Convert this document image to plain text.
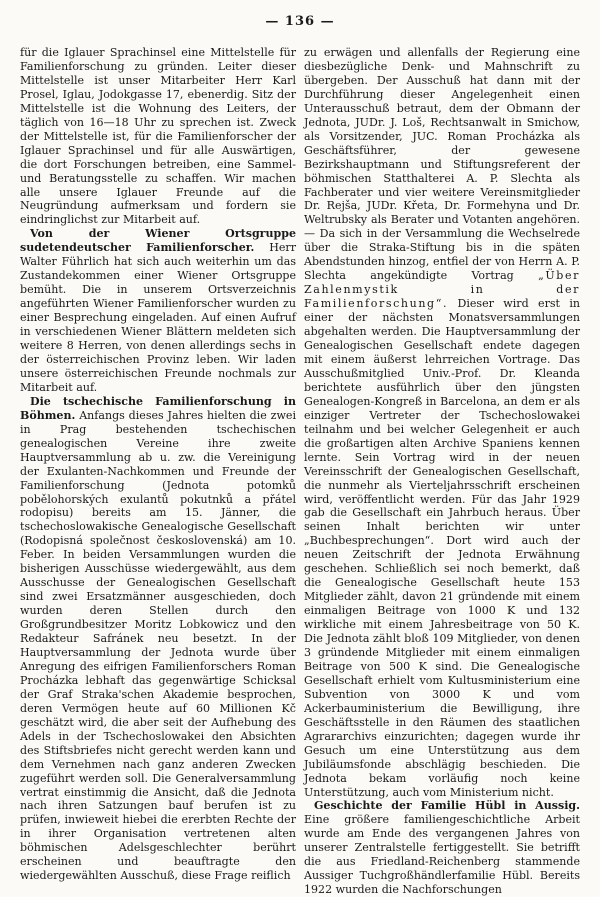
— 136 —

für die Iglauer Sprachinsel eine Mittelstelle für Familienforschung zu gründen. Leiter dieser Mittelstelle ist unser Mitarbeiter Herr Karl Prosel, Iglau, Jodokgasse 17, ebenerdig. Sitz der Mittelstelle ist die Wohnung des Leiters, der täglich von 16—18 Uhr zu sprechen ist. Zweck der Mittelstelle ist, für die Familienforscher der Iglauer Sprachinsel und für alle Auswärtigen, die dort Forschungen betreiben, eine Sammel- und Beratungsstelle zu schaffen. Wir machen alle unsere Iglauer Freunde auf die Neugründung aufmerksam und fordern sie eindringlichst zur Mitarbeit auf.

Von der Wiener Ortsgruppe sudetendeutscher Familienforscher. Herr Walter Führlich hat sich auch weiterhin um das Zustandekommen einer Wiener Ortsgruppe bemüht. Die in unserem Ortsverzeichnis angeführten Wiener Familienforscher wurden zu einer Besprechung eingeladen. Auf einen Aufruf in verschiedenen Wiener Blättern meldeten sich weitere 8 Herren, von denen allerdings sechs in der österreichischen Provinz leben. Wir laden unsere österreichischen Freunde nochmals zur Mitarbeit auf.

Die tschechische Familienforschung in Böhmen. Anfangs dieses Jahres hielten die zwei in Prag bestehenden tschechischen genealogischen Vereine ihre zweite Hauptversammlung ab u. zw. die Vereinigung der Exulanten-Nachkommen und Freunde der Familienforschung (Jednota potomků pobělohorských exulantů pokutnků a přátel rodopisu) bereits am 15. Jänner, die tschechoslowakische Genealogische Gesellschaft (Rodopisná společnost československá) am 10. Feber. In beiden Versammlungen wurden die bisherigen Ausschüsse wiedergewählt, aus dem Ausschusse der Genealogischen Gesellschaft sind zwei Ersatzmänner ausgeschieden, doch wurden deren Stellen durch den Großgrundbesitzer Moritz Lobkowicz und den Redakteur Safránek neu besetzt. In der Hauptversammlung der Jednota wurde über Anregung des eifrigen Familienforschers Roman Procházka lebhaft das gegenwärtige Schicksal der Graf Straka'schen Akademie besprochen, deren Vermögen heute auf 60 Millionen Kč geschätzt wird, die aber seit der Aufhebung des Adels in der Tschechoslowakei den Absichten des Stiftsbriefes nicht gerecht werden kann und dem Vernehmen nach ganz anderen Zwecken zugeführt werden soll. Die Generalversammlung vertrat einstimmig die Ansicht, daß die Jednota nach ihren Satzungen bauf berufen ist zu prüfen, inwieweit hiebei die ererbten Rechte der in ihrer Organisation vertretenen alten böhmischen Adelsgeschlechter berührt erscheinen und beauftragte den wiedergewählten Ausschuß, diese Frage reiflich

zu erwägen und allenfalls der Regierung eine diesbezügliche Denk- und Mahnschrift zu übergeben. Der Ausschuß hat dann mit der Durchführung dieser Angelegenheit einen Unterausschuß betraut, dem der Obmann der Jednota, JUDr. J. Loš, Rechtsanwalt in Smichow, als Vorsitzender, JUC. Roman Procházka als Geschäftsführer, der gewesene Bezirkshauptmann und Stiftungsreferent der böhmischen Statthalterei A. P. Slechta als Fachberater und vier weitere Vereinsmitglieder Dr. Rejša, JUDr. Křeta, Dr. Formehyna und Dr. Weltrubsky als Berater und Votanten angehören. — Da sich in der Versammlung die Wechselrede über die Straka-Stiftung bis in die späten Abendstunden hinzog, entfiel der von Herrn A. P. Slechta angekündigte Vortrag „Über Zahlenmystik in der Familienforschung“. Dieser wird erst in einer der nächsten Monatsversammlungen abgehalten werden. Die Hauptversammlung der Genealogischen Gesellschaft endete dagegen mit einem äußerst lehrreichen Vortrage. Das Ausschußmitglied Univ.-Prof. Dr. Kleanda berichtete ausführlich über den jüngsten Genealogen-Kongreß in Barcelona, an dem er als einziger Vertreter der Tschechoslowakei teilnahm und bei welcher Gelegenheit er auch die großartigen alten Archive Spaniens kennen lernte. Sein Vortrag wird in der neuen Vereinsschrift der Genealogischen Gesellschaft, die nunmehr als Vierteljahrsschrift erscheinen wird, veröffentlicht werden. Für das Jahr 1929 gab die Gesellschaft ein Jahrbuch heraus. Über seinen Inhalt berichten wir unter „Buchbesprechungen“. Dort wird auch der neuen Zeitschrift der Jednota Erwähnung geschehen. Schließlich sei noch bemerkt, daß die Genealogische Gesellschaft heute 153 Mitglieder zählt, davon 21 gründende mit einem einmaligen Beitrage von 1000 K und 132 wirkliche mit einem Jahresbeitrage von 50 K. Die Jednota zählt bloß 109 Mitglieder, von denen 3 gründende Mitglieder mit einem einmaligen Beitrage von 500 K sind. Die Genealogische Gesellschaft erhielt vom Kultusministerium eine Subvention von 3000 K und vom Ackerbauministerium die Bewilligung, ihre Geschäftsstelle in den Räumen des staatlichen Agrararchivs einzurichten; dagegen wurde ihr Gesuch um eine Unterstützung aus dem Jubiläumsfonde abschlägig beschieden. Die Jednota bekam vorläufig noch keine Unterstützung, auch vom Ministerium nicht.

Geschichte der Familie Hübl in Aussig. Eine größere familiengeschichtliche Arbeit wurde am Ende des vergangenen Jahres von unserer Zentralstelle fertiggestellt. Sie betrifft die aus Friedland-Reichenberg stammende Aussiger Tuchgroßhändlerfamilie Hübl. Bereits 1922 wurden die Nachforschungen
